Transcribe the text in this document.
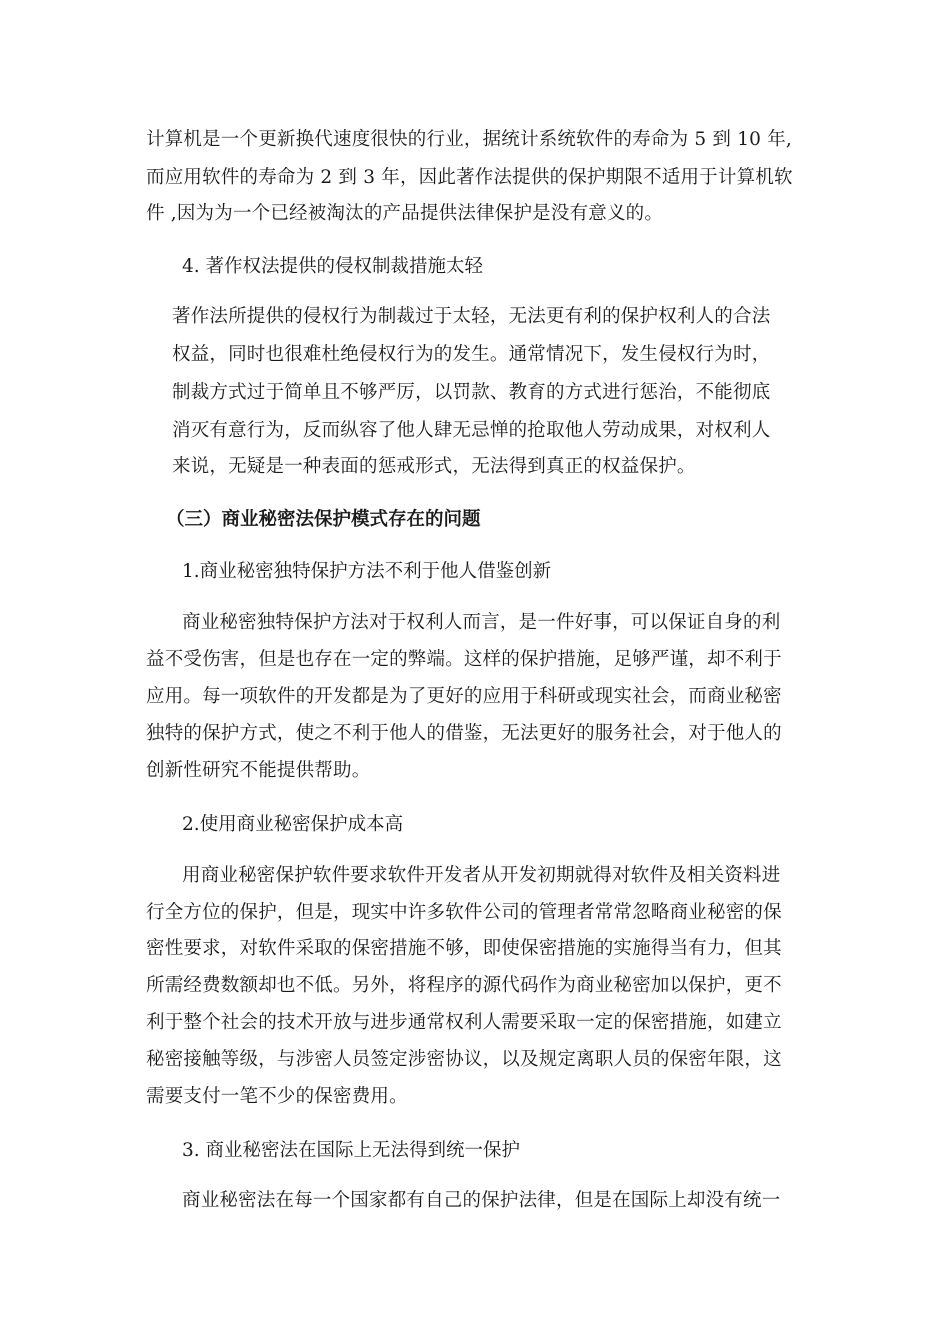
计算机是一个更新换代速度很快的行业，据统计系统软件的寿命为 5 到 10 年,
而应用软件的寿命为 2 到 3 年，因此著作法提供的保护期限不适用于计算机软
件 ,因为为一个已经被淘汰的产品提供法律保护是没有意义的。
4. 著作权法提供的侵权制裁措施太轻
著作法所提供的侵权行为制裁过于太轻，无法更有利的保护权利人的合法
权益，同时也很难杜绝侵权行为的发生。通常情况下，发生侵权行为时，
制裁方式过于简单且不够严厉，以罚款、教育的方式进行惩治，不能彻底
消灭有意行为，反而纵容了他人肆无忌惮的抢取他人劳动成果，对权利人
来说，无疑是一种表面的惩戒形式，无法得到真正的权益保护。
（三）商业秘密法保护模式存在的问题
1.商业秘密独特保护方法不利于他人借鉴创新
商业秘密独特保护方法对于权利人而言，是一件好事，可以保证自身的利
益不受伤害，但是也存在一定的弊端。这样的保护措施，足够严谨，却不利于
应用。每一项软件的开发都是为了更好的应用于科研或现实社会，而商业秘密
独特的保护方式，使之不利于他人的借鉴，无法更好的服务社会，对于他人的
创新性研究不能提供帮助。
2.使用商业秘密保护成本高
用商业秘密保护软件要求软件开发者从开发初期就得对软件及相关资料进
行全方位的保护，但是，现实中许多软件公司的管理者常常忽略商业秘密的保
密性要求，对软件采取的保密措施不够，即使保密措施的实施得当有力，但其
所需经费数额却也不低。另外，将程序的源代码作为商业秘密加以保护，更不
利于整个社会的技术开放与进步通常权利人需要采取一定的保密措施，如建立
秘密接触等级，与涉密人员签定涉密协议，以及规定离职人员的保密年限，这
需要支付一笔不少的保密费用。
3. 商业秘密法在国际上无法得到统一保护
商业秘密法在每一个国家都有自己的保护法律，但是在国际上却没有统一
